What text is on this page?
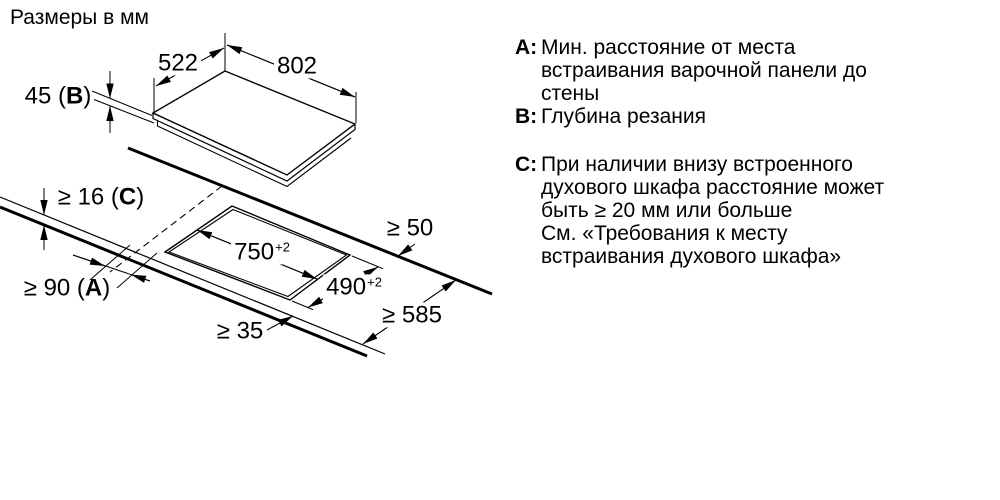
Размеры в мм
522	802
45 (B)
≥ 16 (C)
≥ 90 (A)
$750^{+2}$
$490^{+2}$
≥ 50
≥ 585
≥ 35
A: Мин. расстояние от места
встраивания варочной панели до
стены
B: Глубина резания
C: При наличии внизу встроенного
духового шкафа расстояние может
быть ≥ 20 мм или больше
См. «Требования к месту
встраивания духового шкафа»
